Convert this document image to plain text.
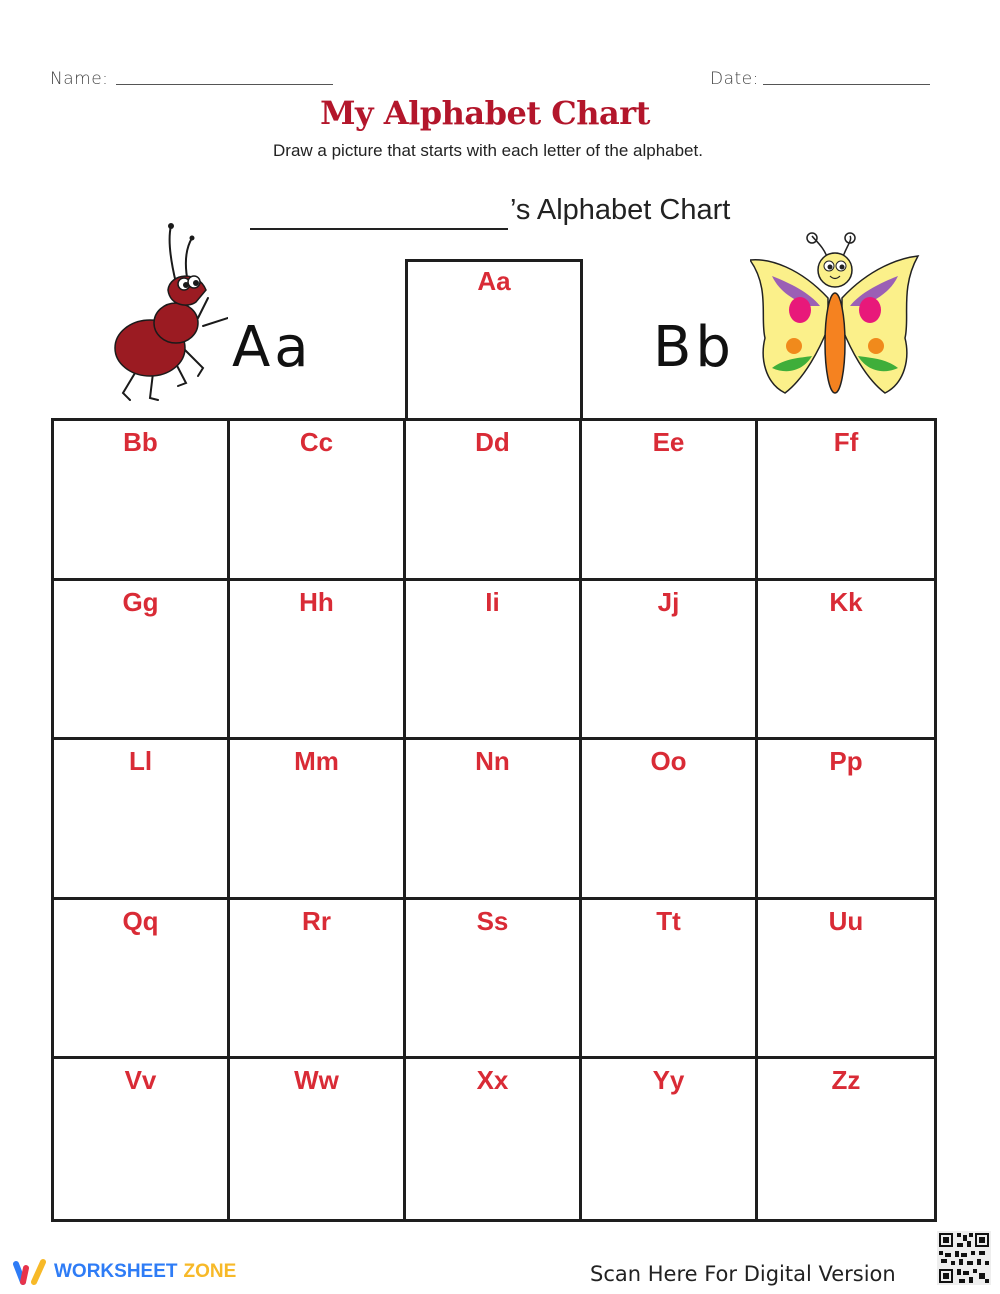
Name:	Date:
My Alphabet Chart
Draw a picture that starts with each letter of the alphabet.
’s Alphabet Chart
Aa
Aa
Bb
Bb	Cc	Dd	Ee	Ff
Gg	Hh	Ii	Jj	Kk
Ll	Mm	Nn	Oo	Pp
Qq	Rr	Ss	Tt	Uu
Vv	Ww	Xx	Yy	Zz
WORKSHEET ZONE	Scan Here For Digital Version
